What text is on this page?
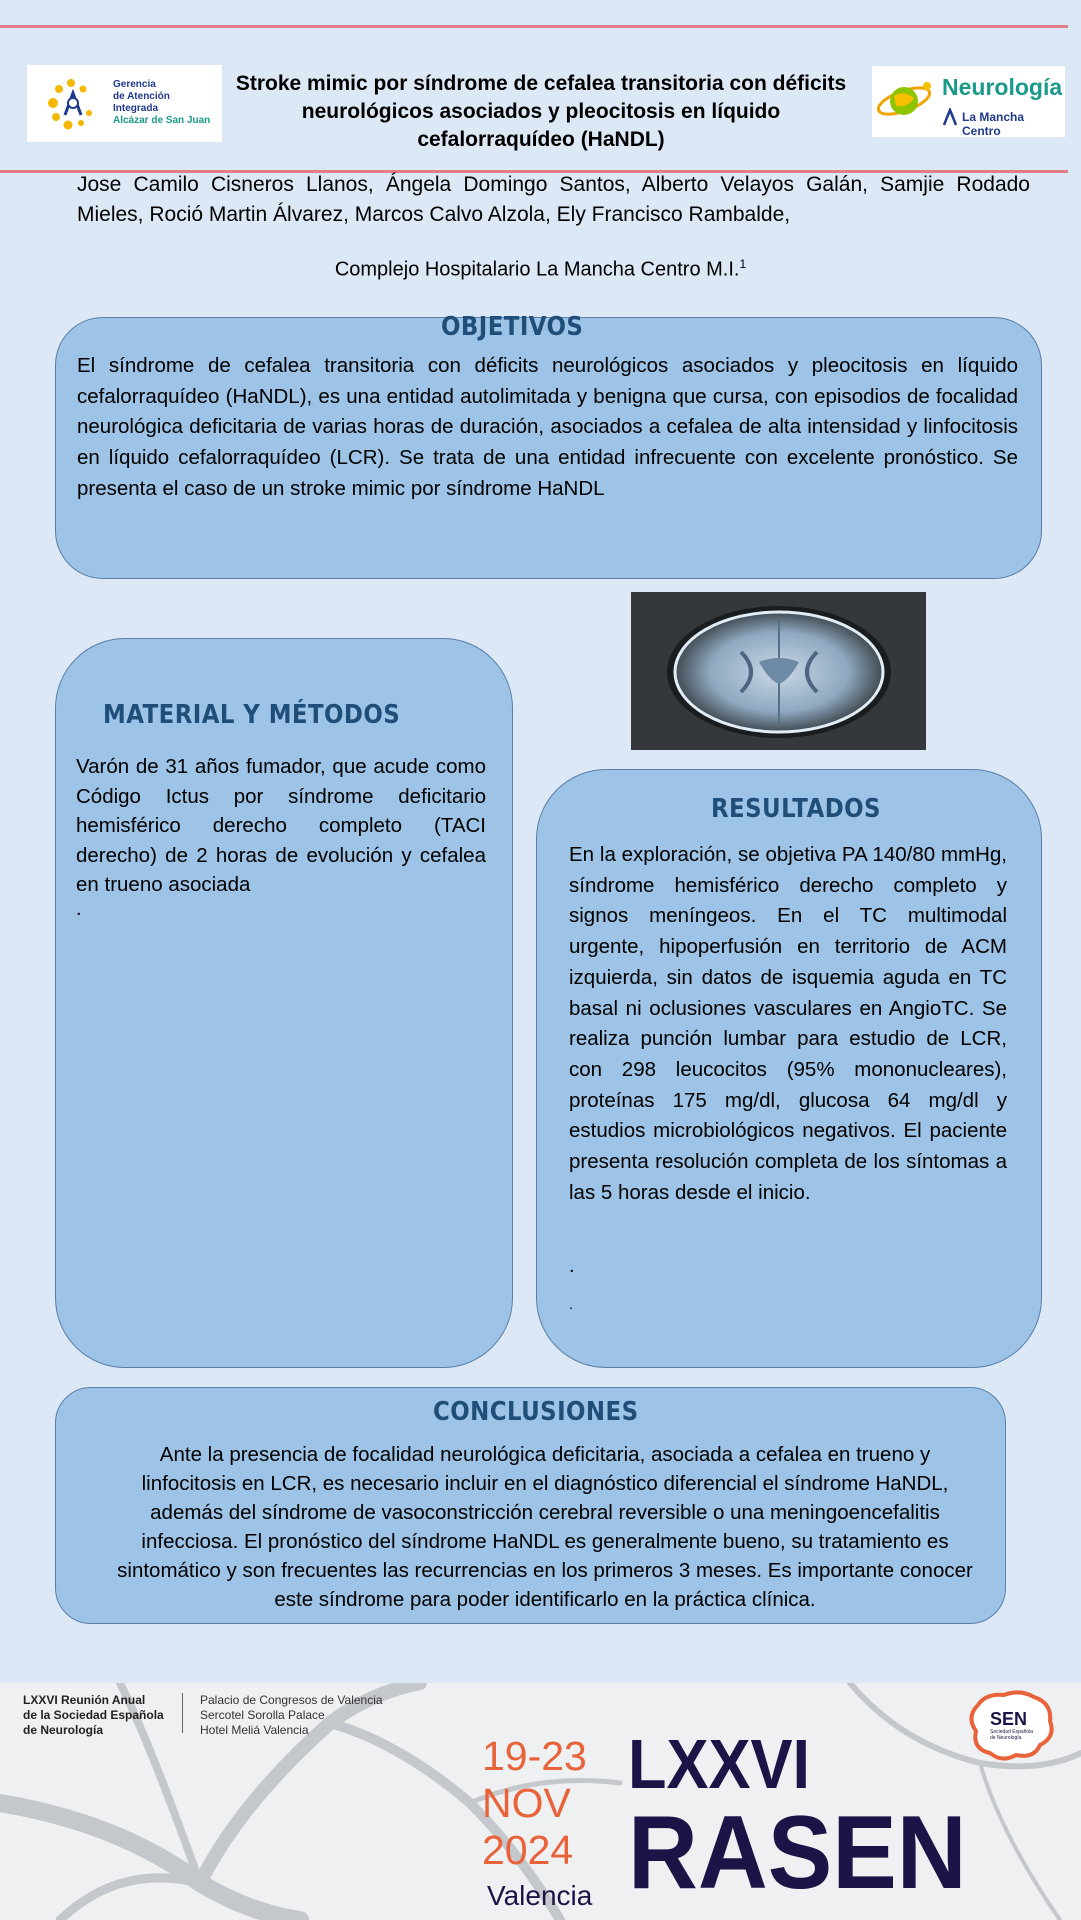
Gerencia
de Atención
Integrada
Alcázar de San Juan
Stroke mimic por síndrome de cefalea transitoria con déficits neurológicos asociados y pleocitosis en líquido cefalorraquídeo (HaNDL)
Neurología
La Mancha Centro
Jose Camilo Cisneros Llanos, Ángela Domingo Santos, Alberto Velayos Galán, Samjie Rodado Mieles, Roció Martin Álvarez, Marcos Calvo Alzola, Ely Francisco Rambalde,
Complejo Hospitalario La Mancha Centro M.I.$^1$
OBJETIVOS
El síndrome de cefalea transitoria con déficits neurológicos asociados y pleocitosis en líquido cefalorraquídeo (HaNDL), es una entidad autolimitada y benigna que cursa, con episodios de focalidad neurológica deficitaria de varias horas de duración, asociados a cefalea de alta intensidad y linfocitosis en líquido cefalorraquídeo (LCR). Se trata de una entidad infrecuente con excelente pronóstico. Se presenta el caso de un stroke mimic por síndrome HaNDL
MATERIAL Y MÉTODOS
Varón de 31 años fumador, que acude como Código Ictus por síndrome deficitario hemisférico derecho completo (TACI derecho) de 2 horas de evolución y cefalea en trueno asociada
.
RESULTADOS
En la exploración, se objetiva PA 140/80 mmHg, síndrome hemisférico derecho completo y signos meníngeos. En el TC multimodal urgente, hipoperfusión en territorio de ACM izquierda, sin datos de isquemia aguda en TC basal ni oclusiones vasculares en AngioTC. Se realiza punción lumbar para estudio de LCR, con 298 leucocitos (95% mononucleares), proteínas 175 mg/dl, glucosa 64 mg/dl y estudios microbiológicos negativos. El paciente presenta resolución completa de los síntomas a las 5 horas desde el inicio.
.
.
CONCLUSIONES
Ante la presencia de focalidad neurológica deficitaria, asociada a cefalea en trueno y linfocitosis en LCR, es necesario incluir en el diagnóstico diferencial el síndrome HaNDL, además del síndrome de vasoconstricción cerebral reversible o una meningoencefalitis infecciosa. El pronóstico del síndrome HaNDL es generalmente bueno, su tratamiento es sintomático y son frecuentes las recurrencias en los primeros 3 meses. Es importante conocer este síndrome para poder identificarlo en la práctica clínica.
LXXVI Reunión Anual
de la Sociedad Española
de Neurología
Palacio de Congresos de Valencia
Sercotel Sorolla Palace
Hotel Meliá Valencia
19-23
NOV
2024
Valencia
LXXVI
RASEN
SEN
Sociedad Española
de Neurología
